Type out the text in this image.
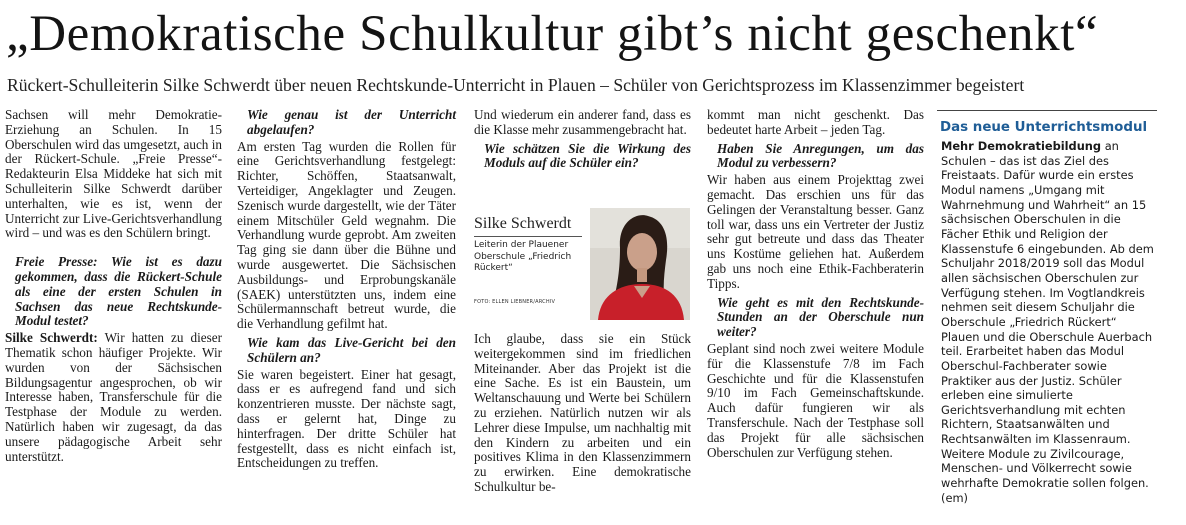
„Demokratische Schulkultur gibt’s nicht geschenkt“

Rückert-Schulleiterin Silke Schwerdt über neuen Rechtskunde-Unterricht in Plauen – Schüler von Gerichtsprozess im Klassenzimmer begeistert

Sachsen will mehr Demokratie-Erziehung an Schulen. In 15 Oberschulen wird das umgesetzt, auch in der Rückert-Schule. „Freie Presse“-Redakteurin Elsa Middeke hat sich mit Schulleiterin Silke Schwerdt darüber unterhalten, wie es ist, wenn der Unterricht zur Live-Gerichtsverhandlung wird – und was es den Schülern bringt.

Freie Presse: Wie ist es dazu gekommen, dass die Rückert-Schule als eine der ersten Schulen in Sachsen das neue Rechtskunde-Modul testet?

Silke Schwerdt: Wir hatten zu dieser Thematik schon häufiger Projekte. Wir wurden von der Sächsischen Bildungsagentur angesprochen, ob wir Interesse haben, Transferschule für die Testphase der Module zu werden. Natürlich haben wir zugesagt, da das unsere pädagogische Arbeit sehr unterstützt.

Wie genau ist der Unterricht abgelaufen?

Am ersten Tag wurden die Rollen für eine Gerichtsverhandlung festgelegt: Richter, Schöffen, Staatsanwalt, Verteidiger, Angeklagter und Zeugen. Szenisch wurde dargestellt, wie der Täter einem Mitschüler Geld wegnahm. Die Verhandlung wurde geprobt. Am zweiten Tag ging sie dann über die Bühne und wurde ausgewertet. Die Sächsischen Ausbildungs- und Erprobungskanäle (SAEK) unterstützten uns, indem eine Schülermannschaft betreut wurde, die die Verhandlung gefilmt hat.

Wie kam das Live-Gericht bei den Schülern an?

Sie waren begeistert. Einer hat gesagt, dass er es aufregend fand und sich konzentrieren musste. Der nächste sagt, dass er gelernt hat, Dinge zu hinterfragen. Der dritte Schüler hat festgestellt, dass es nicht einfach ist, Entscheidungen zu treffen.

Und wiederum ein anderer fand, dass es die Klasse mehr zusammengebracht hat.

Wie schätzen Sie die Wirkung des Moduls auf die Schüler ein?

Silke Schwerdt

Leiterin der Plauener Oberschule „Friedrich Rückert“

FOTO: ELLEN LIEBNER/ARCHIV

Ich glaube, dass sie ein Stück weitergekommen sind im friedlichen Miteinander. Aber das Projekt ist die eine Sache. Es ist ein Baustein, um Weltanschauung und Werte bei Schülern zu erziehen. Natürlich nutzen wir als Lehrer diese Impulse, um nachhaltig mit den Kindern zu arbeiten und ein positives Klima in den Klassenzimmern zu erwirken. Eine demokratische Schulkultur be-

kommt man nicht geschenkt. Das bedeutet harte Arbeit – jeden Tag.

Haben Sie Anregungen, um das Modul zu verbessern?

Wir haben aus einem Projekttag zwei gemacht. Das erschien uns für das Gelingen der Veranstaltung besser. Ganz toll war, dass uns ein Vertreter der Justiz sehr gut betreute und dass das Theater uns Kostüme geliehen hat. Außerdem gab uns noch eine Ethik-Fachberaterin Tipps.

Wie geht es mit den Rechtskunde-Stunden an der Oberschule nun weiter?

Geplant sind noch zwei weitere Module für die Klassenstufe 7/8 im Fach Geschichte und für die Klassenstufen 9/10 im Fach Gemeinschaftskunde. Auch dafür fungieren wir als Transferschule. Nach der Testphase soll das Projekt für alle sächsischen Oberschulen zur Verfügung stehen.

Das neue Unterrichtsmodul

Mehr Demokratiebildung an Schulen – das ist das Ziel des Freistaats. Dafür wurde ein erstes Modul namens „Umgang mit Wahrnehmung und Wahrheit“ an 15 sächsischen Oberschulen in die Fächer Ethik und Religion der Klassenstufe 6 eingebunden. Ab dem Schuljahr 2018/2019 soll das Modul allen sächsischen Oberschulen zur Verfügung stehen. Im Vogtlandkreis nehmen seit diesem Schuljahr die Oberschule „Friedrich Rückert“ Plauen und die Oberschule Auerbach teil. Erarbeitet haben das Modul Oberschul-Fachberater sowie Praktiker aus der Justiz. Schüler erleben eine simulierte Gerichtsverhandlung mit echten Richtern, Staatsanwälten und Rechtsanwälten im Klassenraum. Weitere Module zu Zivilcourage, Menschen- und Völkerrecht sowie wehrhafte Demokratie sollen folgen. (em)
